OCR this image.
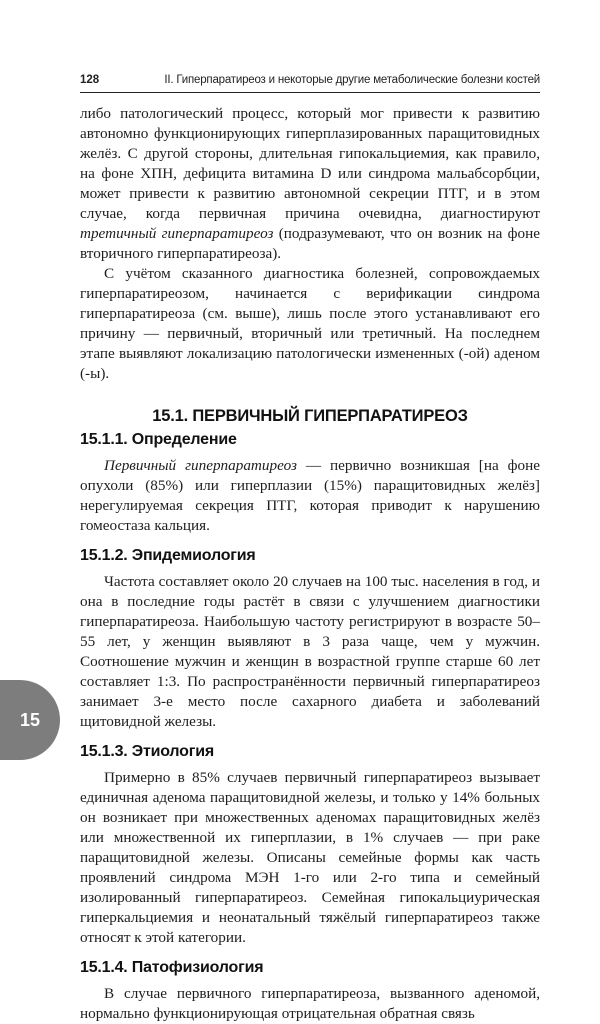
128	II. Гиперпаратиреоз и некоторые другие метаболические болезни костей
15

либо патологический процесс, который мог привести к развитию автономно функционирующих гиперплазированных паращитовидных желёз. С другой стороны, длительная гипокальциемия, как правило, на фоне ХПН, дефицита витамина D или синдрома мальабсорбции, может привести к развитию автономной секреции ПТГ, и в этом случае, когда первичная причина очевидна, диагностируют третичный гиперпаратиреоз (подразумевают, что он возник на фоне вторичного гиперпаратиреоза).

С учётом сказанного диагностика болезней, сопровождаемых гиперпаратиреозом, начинается с верификации синдрома гиперпаратиреоза (см. выше), лишь после этого устанавливают его причину — первичный, вторичный или третичный. На последнем этапе выявляют локализацию патологически измененных (-ой) аденом (-ы).

15.1. ПЕРВИЧНЫЙ ГИПЕРПАРАТИРЕОЗ
15.1.1. Определение

Первичный гиперпаратиреоз — первично возникшая [на фоне опухоли (85%) или гиперплазии (15%) паращитовидных желёз] нерегулируемая секреция ПТГ, которая приводит к нарушению гомеостаза кальция.

15.1.2. Эпидемиология

Частота составляет около 20 случаев на 100 тыс. населения в год, и она в последние годы растёт в связи с улучшением диагностики гиперпаратиреоза. Наибольшую частоту регистрируют в возрасте 50–55 лет, у женщин выявляют в 3 раза чаще, чем у мужчин. Соотношение мужчин и женщин в возрастной группе старше 60 лет составляет 1:3. По распространённости первичный гиперпаратиреоз занимает 3-е место после сахарного диабета и заболеваний щитовидной железы.

15.1.3. Этиология

Примерно в 85% случаев первичный гиперпаратиреоз вызывает единичная аденома паращитовидной железы, и только у 14% больных он возникает при множественных аденомах паращитовидных желёз или множественной их гиперплазии, в 1% случаев — при раке паращитовидной железы. Описаны семейные формы как часть проявлений синдрома МЭН 1-го или 2-го типа и семейный изолированный гиперпаратиреоз. Семейная гипокальциурическая гиперкальциемия и неонатальный тяжёлый гиперпаратиреоз также относят к этой категории.

15.1.4. Патофизиология

В случае первичного гиперпаратиреоза, вызванного аденомой, нормально функционирующая отрицательная обратная связь
